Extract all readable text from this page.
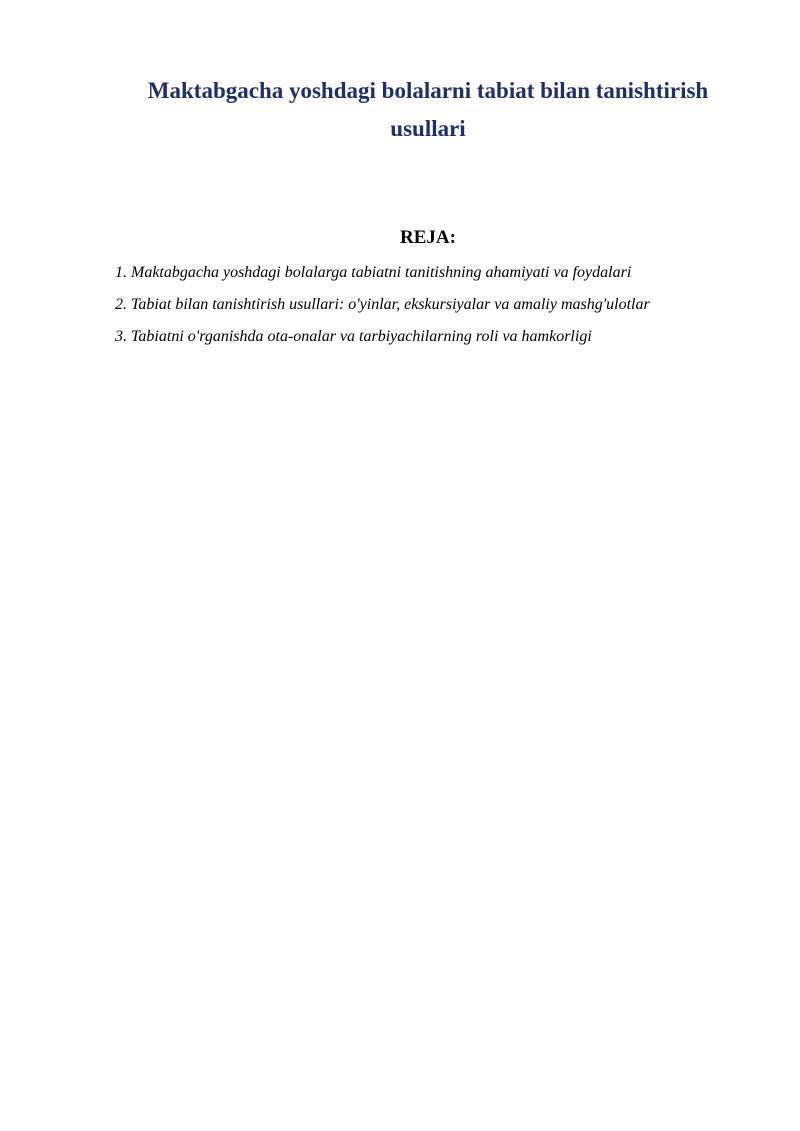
Maktabgacha yoshdagi bolalarni tabiat bilan tanishtirish usullari
REJA:
1. Maktabgacha yoshdagi bolalarga tabiatni tanitishning ahamiyati va foydalari
2. Tabiat bilan tanishtirish usullari: o'yinlar, ekskursiyalar va amaliy mashg'ulotlar
3. Tabiatni o'rganishda ota-onalar va tarbiyachilarning roli va hamkorligi
